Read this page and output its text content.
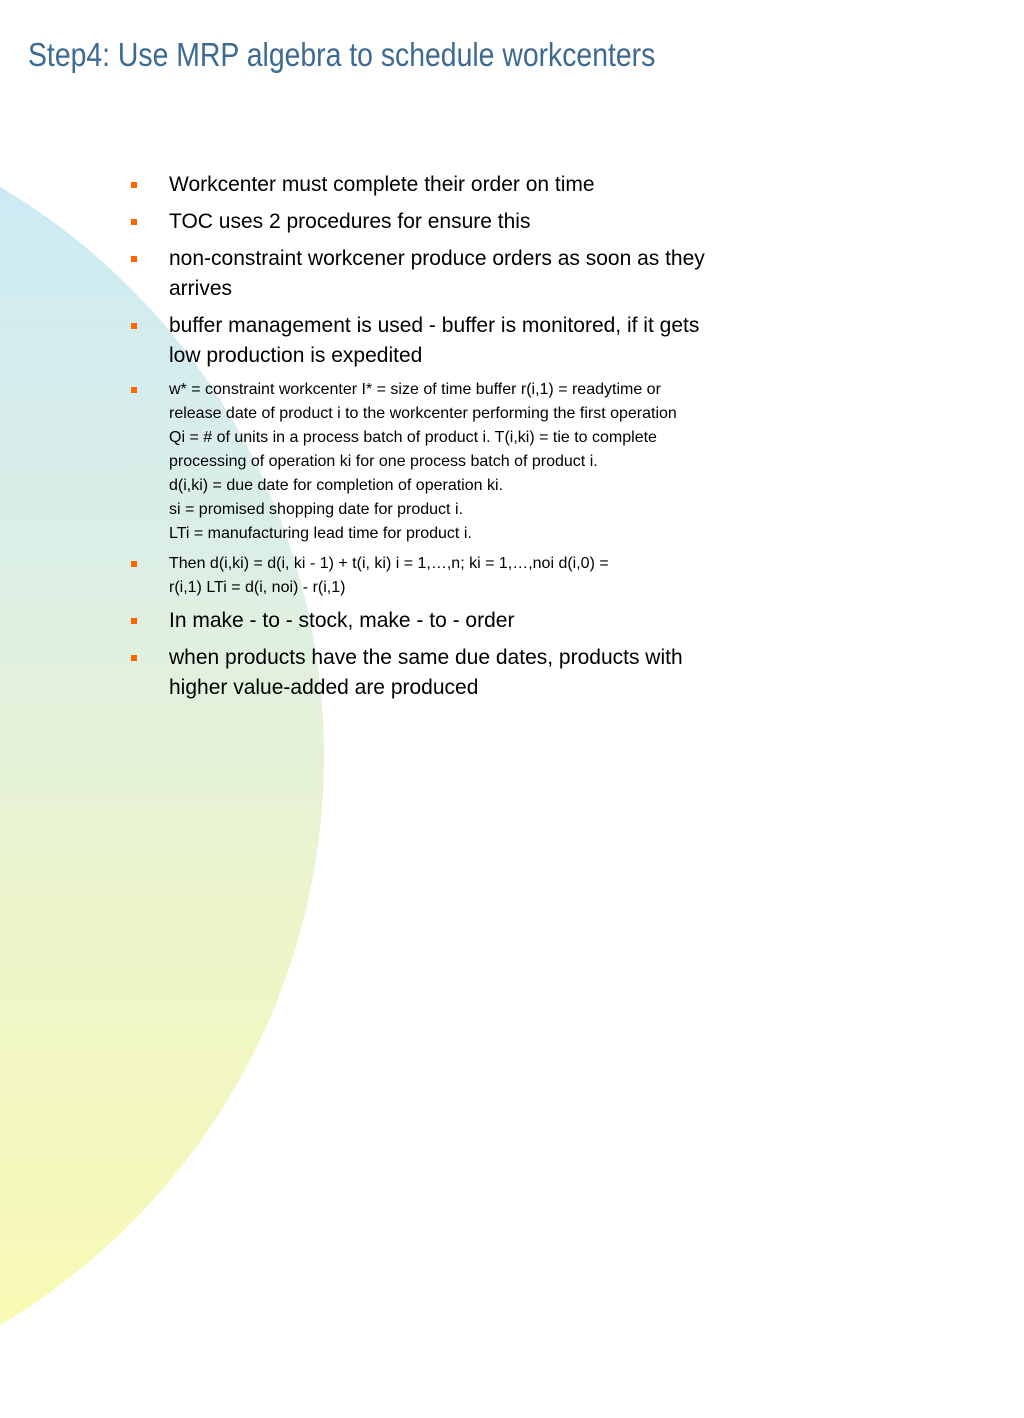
Step4: Use MRP algebra to schedule workcenters
Workcenter must complete their order on time
TOC uses 2 procedures for ensure this
non-constraint workcener produce orders as soon as they
arrives
buffer management is used - buffer is monitored, if it gets
low production is expedited
w* = constraint workcenter I* = size of time buffer r(i,1) = readytime or
release date of product i to the workcenter performing the first operation
Qi = # of units in a process batch of product i. T(i,ki) = tie to complete
processing of operation ki for one process batch of product i.
d(i,ki) = due date for completion of operation ki.
si = promised shopping date for product i.
LTi = manufacturing lead time for product i.
Then d(i,ki) = d(i, ki - 1) + t(i, ki) i = 1,…,n; ki = 1,…,noi d(i,0) =
r(i,1) LTi = d(i, noi) - r(i,1)
In make - to - stock, make - to - order
when products have the same due dates, products with
higher value-added are produced
